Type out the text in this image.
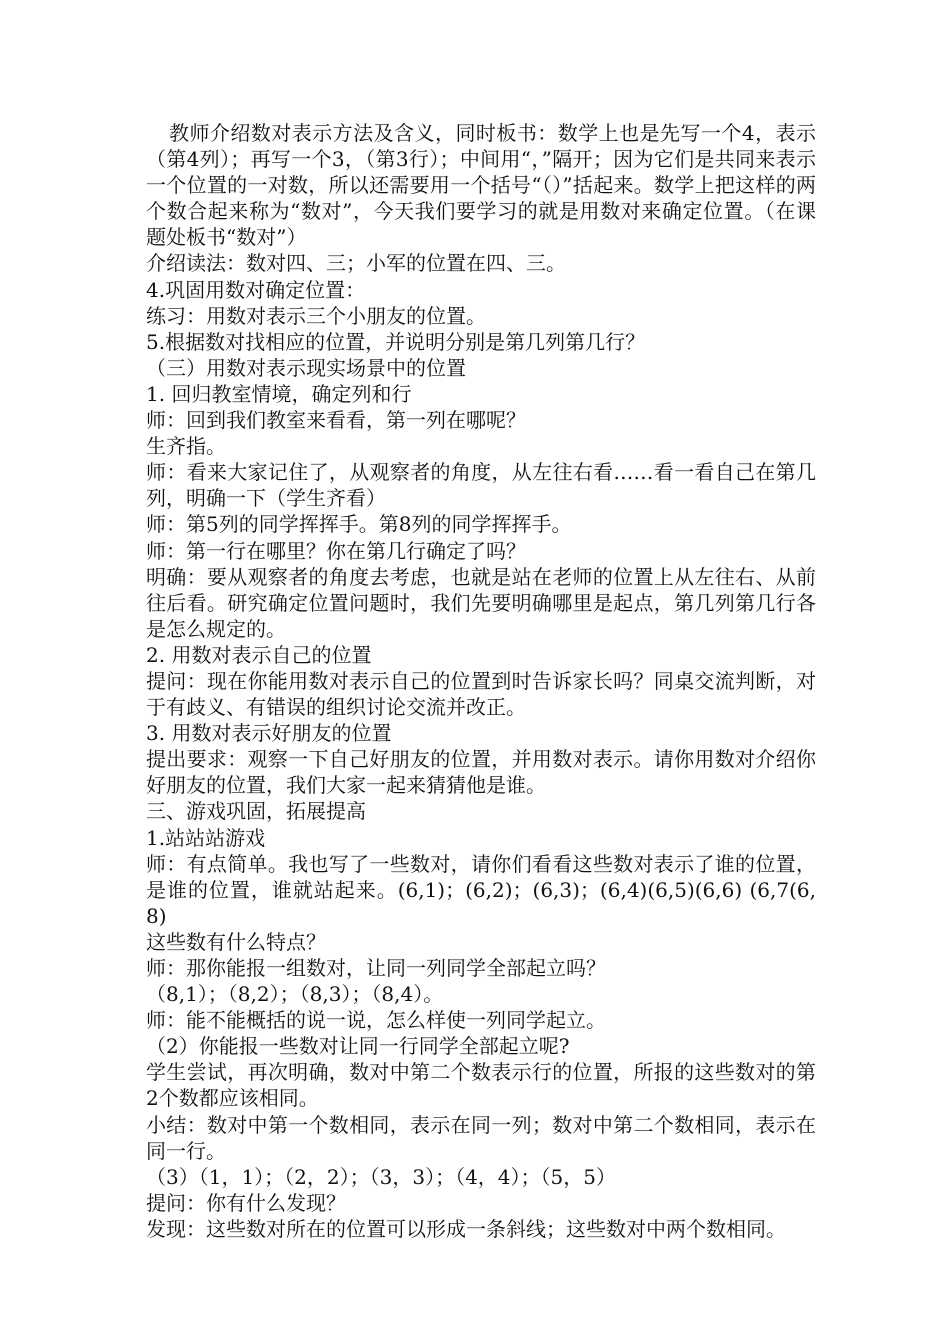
教师介绍数对表示方法及含义，同时板书：数学上也是先写一个4，表示（第4列）；再写一个3，（第3行）；中间用“，”隔开；因为它们是共同来表示一个位置的一对数，所以还需要用一个括号“（）”括起来。数学上把这样的两个数合起来称为“数对”，今天我们要学习的就是用数对来确定位置。（在课题处板书“数对”）

介绍读法：数对四、三；小军的位置在四、三。

4.巩固用数对确定位置：

练习：用数对表示三个小朋友的位置。

5.根据数对找相应的位置，并说明分别是第几列第几行？

（三）用数对表示现实场景中的位置

1. 回归教室情境，确定列和行

师：回到我们教室来看看，第一列在哪呢？

生齐指。

师：看来大家记住了，从观察者的角度，从左往右看……看一看自己在第几列，明确一下（学生齐看）

师：第5列的同学挥挥手。第8列的同学挥挥手。

师：第一行在哪里？你在第几行确定了吗？

明确：要从观察者的角度去考虑，也就是站在老师的位置上从左往右、从前往后看。研究确定位置问题时，我们先要明确哪里是起点，第几列第几行各是怎么规定的。

2. 用数对表示自己的位置

提问：现在你能用数对表示自己的位置到时告诉家长吗？同桌交流判断，对于有歧义、有错误的组织讨论交流并改正。

3. 用数对表示好朋友的位置

提出要求：观察一下自己好朋友的位置，并用数对表示。请你用数对介绍你好朋友的位置，我们大家一起来猜猜他是谁。

三、游戏巩固，拓展提高

1.站站站游戏

师：有点简单。我也写了一些数对，请你们看看这些数对表示了谁的位置，是谁的位置，谁就站起来。(6,1)；(6,2)；(6,3)；(6,4)(6,5)(6,6) (6,7(6,8)

这些数有什么特点？

师：那你能报一组数对，让同一列同学全部起立吗？

（8,1）；（8,2）；（8,3）；（8,4）。

师：能不能概括的说一说，怎么样使一列同学起立。

（2）你能报一些数对让同一行同学全部起立呢?

学生尝试，再次明确，数对中第二个数表示行的位置，所报的这些数对的第2个数都应该相同。

小结：数对中第一个数相同，表示在同一列；数对中第二个数相同，表示在同一行。

（3）（1，1）；（2，2）；（3，3）；（4，4）；（5，5）

提问：你有什么发现？

发现：这些数对所在的位置可以形成一条斜线；这些数对中两个数相同。
